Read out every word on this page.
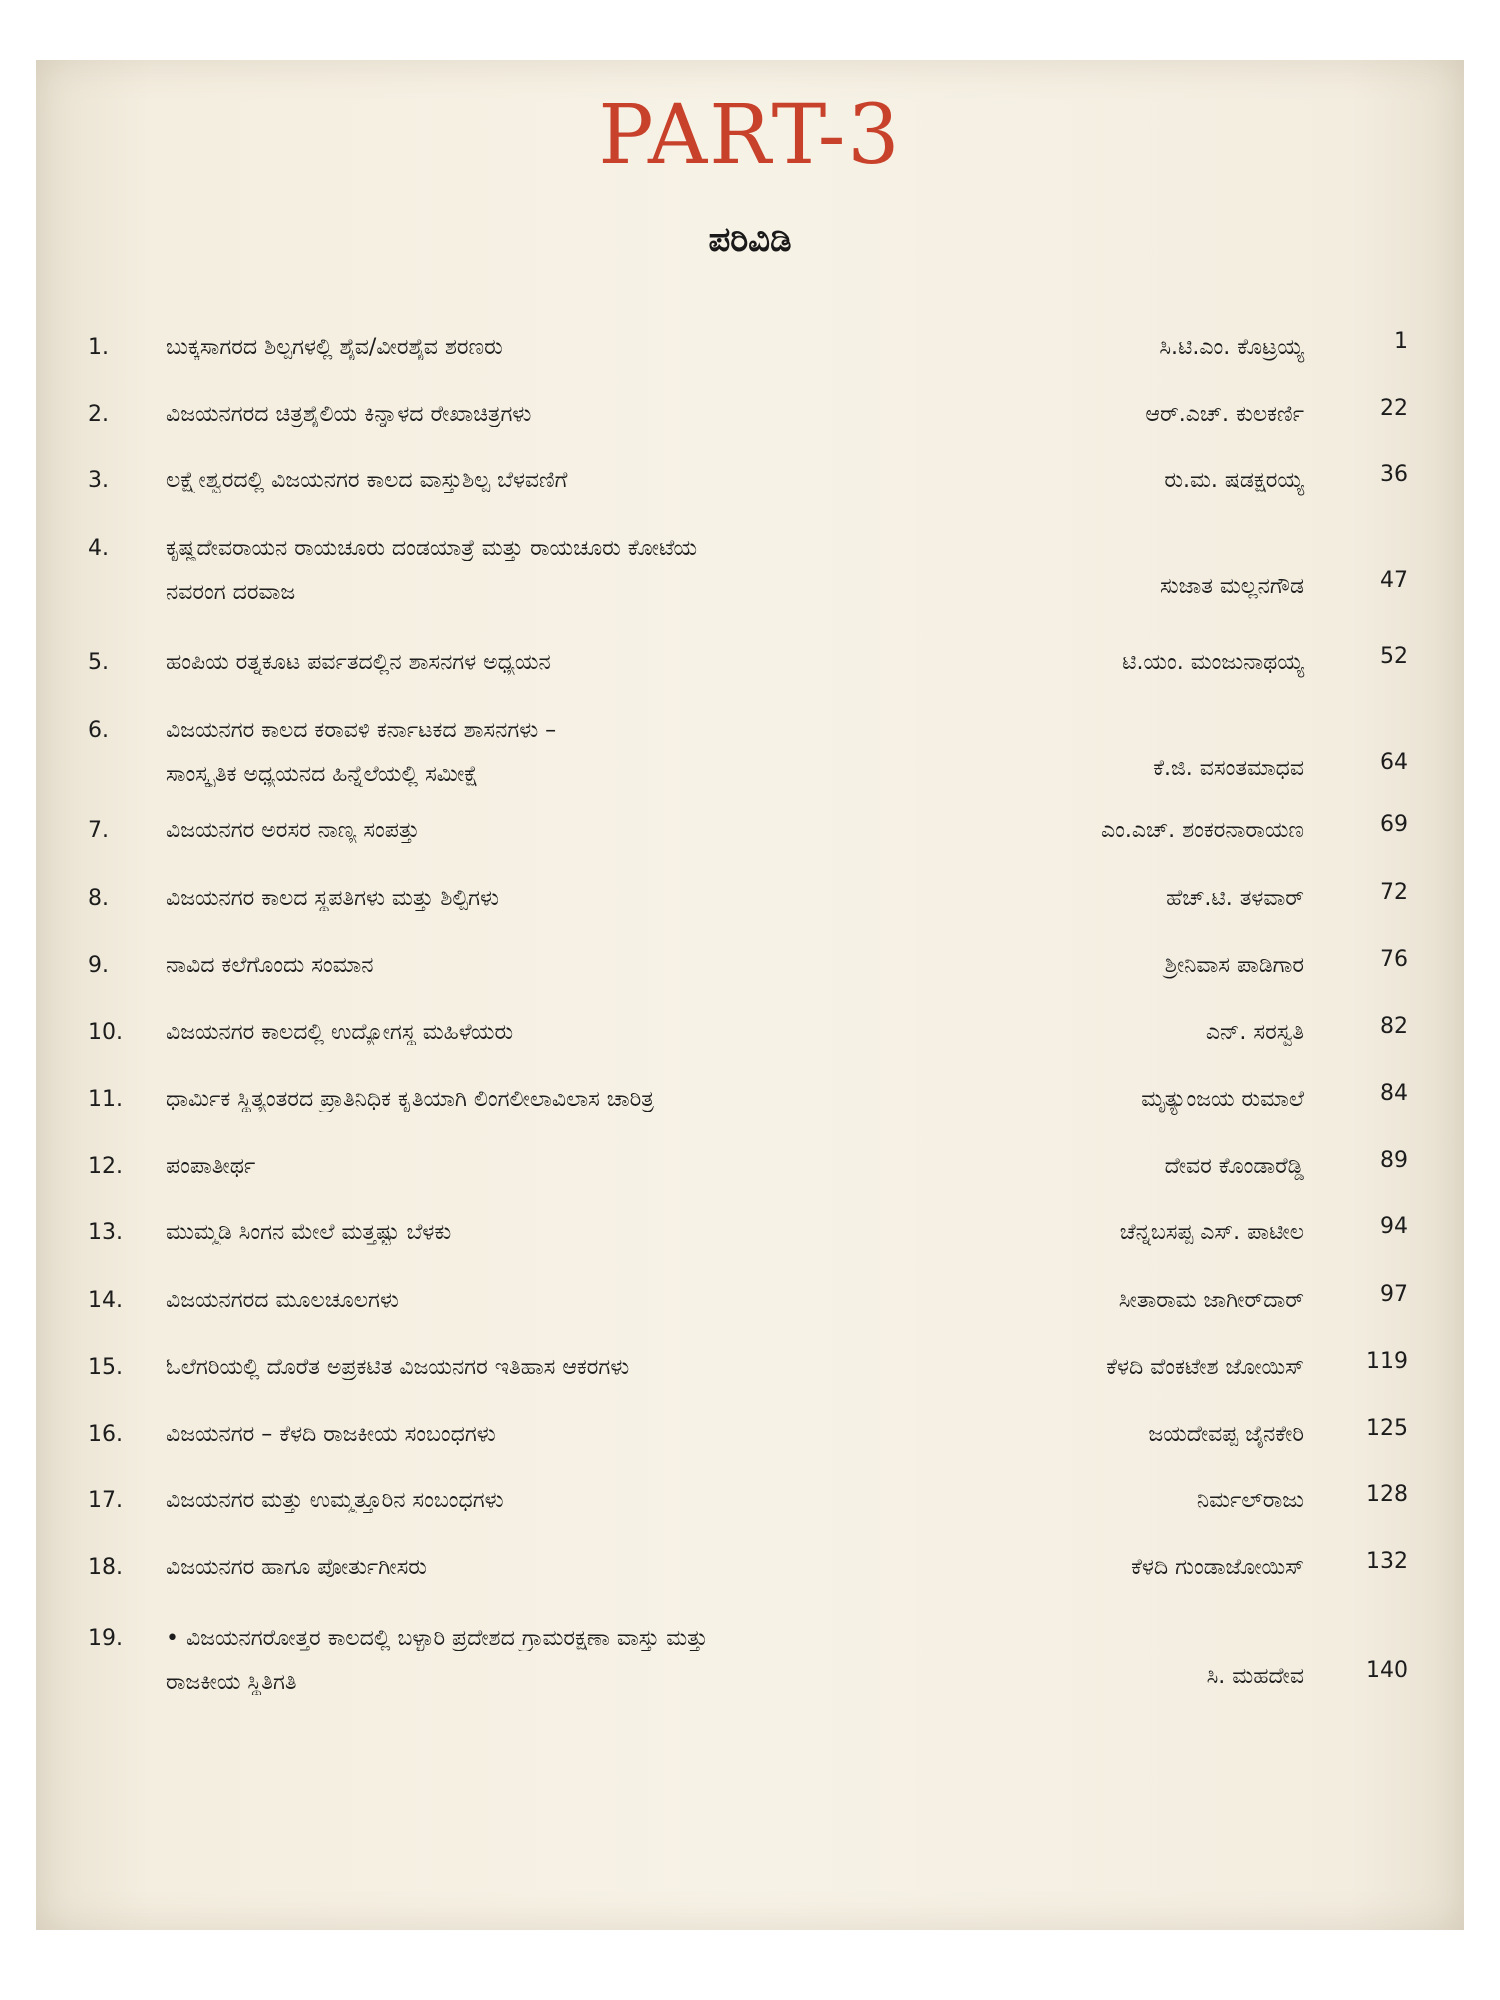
PART-3
ಪರಿವಿಡಿ
1.	ಬುಕ್ಕಸಾಗರದ ಶಿಲ್ಪಗಳಲ್ಲಿ ಶೈವ/ವೀರಶೈವ ಶರಣರು	ಸಿ.ಟಿ.ಎಂ. ಕೊಟ್ರಯ್ಯ	1
2.	ವಿಜಯನಗರದ ಚಿತ್ರಶೈಲಿಯ ಕಿನ್ನಾಳದ ರೇಖಾಚಿತ್ರಗಳು	ಆರ್.ಎಚ್. ಕುಲಕರ್ಣಿ	22
3.	ಲಕ್ಷ್ಮೇಶ್ವರದಲ್ಲಿ ವಿಜಯನಗರ ಕಾಲದ ವಾಸ್ತುಶಿಲ್ಪ ಬೆಳವಣಿಗೆ	ರು.ಮ. ಷಡಕ್ಷರಯ್ಯ	36
4.	ಕೃಷ್ಣದೇವರಾಯನ ರಾಯಚೂರು ದಂಡಯಾತ್ರೆ ಮತ್ತು ರಾಯಚೂರು ಕೋಟೆಯ
ನವರಂಗ ದರವಾಜ	ಸುಜಾತ ಮಲ್ಲನಗೌಡ	47
5.	ಹಂಪಿಯ ರತ್ನಕೂಟ ಪರ್ವತದಲ್ಲಿನ ಶಾಸನಗಳ ಅಧ್ಯಯನ	ಟಿ.ಯಂ. ಮಂಜುನಾಥಯ್ಯ	52
6.	ವಿಜಯನಗರ ಕಾಲದ ಕರಾವಳಿ ಕರ್ನಾಟಕದ ಶಾಸನಗಳು –
ಸಾಂಸ್ಕೃತಿಕ ಅಧ್ಯಯನದ ಹಿನ್ನೆಲೆಯಲ್ಲಿ ಸಮೀಕ್ಷೆ	ಕೆ.ಜಿ. ವಸಂತಮಾಧವ	64
7.	ವಿಜಯನಗರ ಅರಸರ ನಾಣ್ಯ ಸಂಪತ್ತು	ಎಂ.ಎಚ್. ಶಂಕರನಾರಾಯಣ	69
8.	ವಿಜಯನಗರ ಕಾಲದ ಸ್ಥಪತಿಗಳು ಮತ್ತು ಶಿಲ್ಪಿಗಳು	ಹೆಚ್.ಟಿ. ತಳವಾರ್	72
9.	ನಾವಿದ ಕಲೆಗೊಂದು ಸಂಮಾನ	ಶ್ರೀನಿವಾಸ ಪಾಡಿಗಾರ	76
10.	ವಿಜಯನಗರ ಕಾಲದಲ್ಲಿ ಉದ್ಯೋಗಸ್ಥ ಮಹಿಳೆಯರು	ಎನ್. ಸರಸ್ವತಿ	82
11.	ಧಾರ್ಮಿಕ ಸ್ಥಿತ್ಯಂತರದ ಪ್ರಾತಿನಿಧಿಕ ಕೃತಿಯಾಗಿ ಲಿಂಗಲೀಲಾವಿಲಾಸ ಚಾರಿತ್ರ	ಮೃತ್ಯುಂಜಯ ರುಮಾಲೆ	84
12.	ಪಂಪಾತೀರ್ಥ	ದೇವರ ಕೊಂಡಾರೆಡ್ಡಿ	89
13.	ಮುಮ್ಮಡಿ ಸಿಂಗನ ಮೇಲೆ ಮತ್ತಷ್ಟು ಬೆಳಕು	ಚೆನ್ನಬಸಪ್ಪ ಎಸ್. ಪಾಟೀಲ	94
14.	ವಿಜಯನಗರದ ಮೂಲಚೂಲಗಳು	ಸೀತಾರಾಮ ಜಾಗೀರ್‌ದಾರ್	97
15.	ಓಲೆಗರಿಯಲ್ಲಿ ದೊರೆತ ಅಪ್ರಕಟಿತ ವಿಜಯನಗರ ಇತಿಹಾಸ ಆಕರಗಳು	ಕೆಳದಿ ವೆಂಕಟೇಶ ಜೋಯಿಸ್	119
16.	ವಿಜಯನಗರ – ಕೆಳದಿ ರಾಜಕೀಯ ಸಂಬಂಧಗಳು	ಜಯದೇವಪ್ಪ ಜೈನಕೇರಿ	125
17.	ವಿಜಯನಗರ ಮತ್ತು ಉಮ್ಮತ್ತೂರಿನ ಸಂಬಂಧಗಳು	ನಿರ್ಮಲ್‌ರಾಜು	128
18.	ವಿಜಯನಗರ ಹಾಗೂ ಪೋರ್ತುಗೀಸರು	ಕೆಳದಿ ಗುಂಡಾಜೋಯಿಸ್	132
19.	• ವಿಜಯನಗರೋತ್ತರ ಕಾಲದಲ್ಲಿ ಬಳ್ಳಾರಿ ಪ್ರದೇಶದ ಗ್ರಾಮರಕ್ಷಣಾ ವಾಸ್ತು ಮತ್ತು
ರಾಜಕೀಯ ಸ್ಥಿತಿಗತಿ	ಸಿ. ಮಹದೇವ	140
